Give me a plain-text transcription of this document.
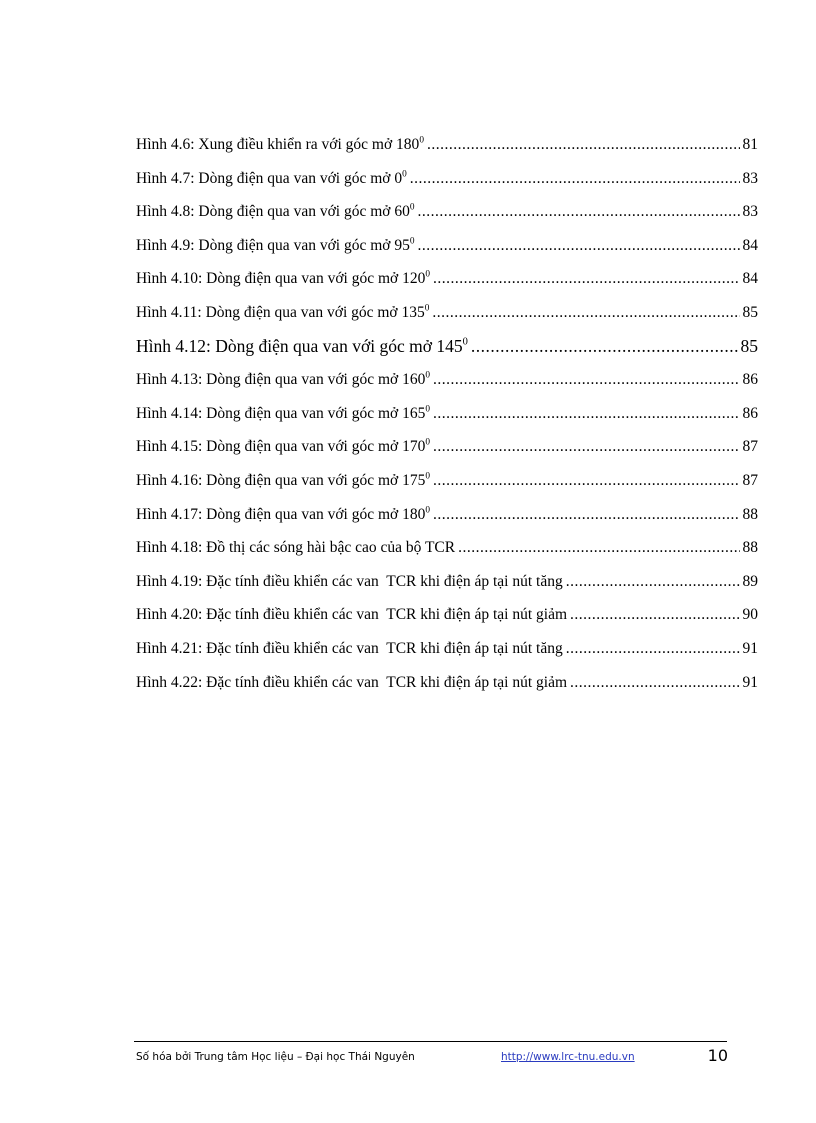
Hình 4.6: Xung điều khiển ra với góc mở $180^0$ .....	81
Hình 4.7: Dòng điện qua van với góc mở $0^0$ .....	83
Hình 4.8: Dòng điện qua van với góc mở $60^0$ .....	83
Hình 4.9: Dòng điện qua van với góc mở $95^0$ .....	84
Hình 4.10: Dòng điện qua van với góc mở $120^0$ .....	84
Hình 4.11: Dòng điện qua van với góc mở $135^0$ .....	85
Hình 4.12: Dòng điện qua van với góc mở $145^0$ .....	85
Hình 4.13: Dòng điện qua van với góc mở $160^0$ .....	86
Hình 4.14: Dòng điện qua van với góc mở $165^0$ .....	86
Hình 4.15: Dòng điện qua van với góc mở $170^0$ .....	87
Hình 4.16: Dòng điện qua van với góc mở $175^0$ .....	87
Hình 4.17: Dòng điện qua van với góc mở $180^0$ .....	88
Hình 4.18: Đồ thị các sóng hài bậc cao của bộ TCR .....	88
Hình 4.19: Đặc tính điều khiển các van  TCR khi điện áp tại nút tăng .....	89
Hình 4.20: Đặc tính điều khiển các van  TCR khi điện áp tại nút giảm .....	90
Hình 4.21: Đặc tính điều khiển các van  TCR khi điện áp tại nút tăng .....	91
Hình 4.22: Đặc tính điều khiển các van  TCR khi điện áp tại nút giảm .....	91
Số hóa bởi Trung tâm Học liệu – Đại học Thái Nguyên	http://www.lrc-tnu.edu.vn	10
